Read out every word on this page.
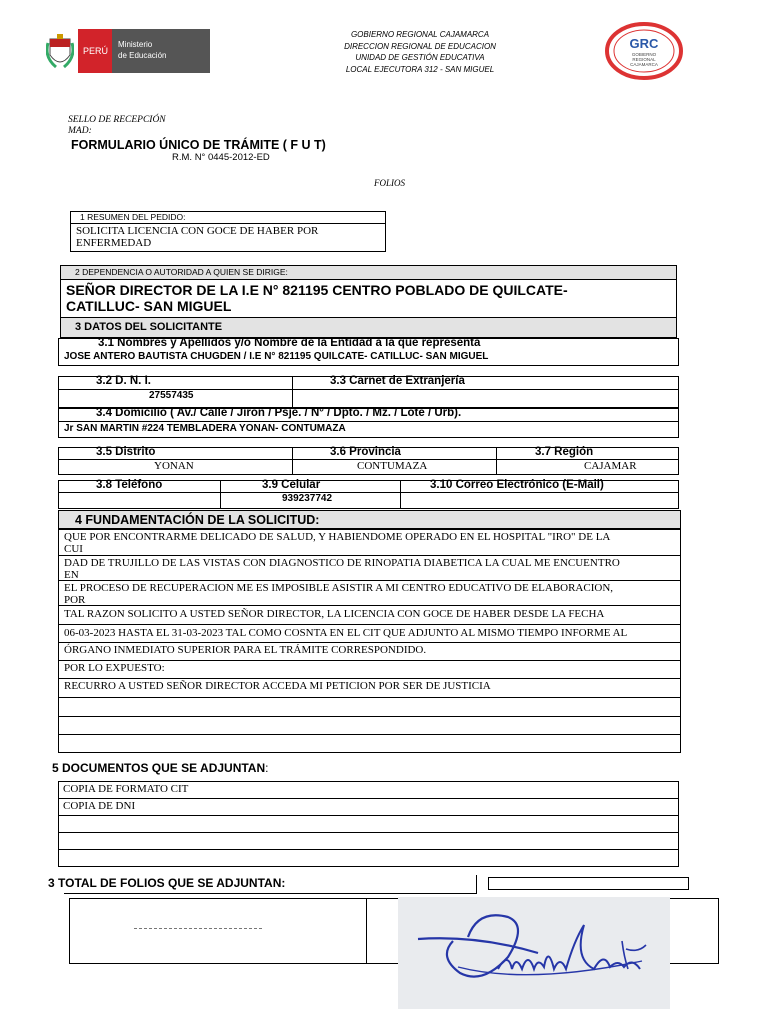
PERÚ
Ministerio
de Educación
GOBIERNO REGIONAL CAJAMARCA
DIRECCION REGIONAL DE EDUCACION
UNIDAD DE GESTIÓN EDUCATIVA
LOCAL EJECUTORA 312 - SAN MIGUEL
GRC
GOBIERNO REGIONAL CAJAMARCA
SELLO DE RECEPCIÓN
MAD:
FORMULARIO ÚNICO DE TRÁMITE ( F U T)
R.M. N° 0445-2012-ED
FOLIOS
1 RESUMEN DEL PEDIDO:
SOLICITA LICENCIA CON GOCE DE HABER POR
ENFERMEDAD
2 DEPENDENCIA O AUTORIDAD A QUIEN SE DIRIGE:
SEÑOR DIRECTOR DE LA I.E N° 821195 CENTRO POBLADO DE QUILCATE-
CATILLUC- SAN MIGUEL
3 DATOS DEL SOLICITANTE
3.1 Nombres y Apellidos y/o Nombre de la Entidad a la que representa
JOSE ANTERO BAUTISTA CHUGDEN / I.E N° 821195 QUILCATE- CATILLUC- SAN MIGUEL
3.2 D. N. I.
27557435
3.3 Carnet de Extranjería
3.4 Domicilio ( Av./ Calle / Jirón / Psje. / N° / Dpto. / Mz. / Lote / Urb).
Jr SAN MARTIN #224 TEMBLADERA YONAN- CONTUMAZA
3.5 Distrito
YONAN
3.6 Provincia
CONTUMAZA
3.7 Región
CAJAMAR
3.8 Teléfono	3.9 Celular
939237742
3.10 Correo Electrónico (E-Mail)
4 FUNDAMENTACIÓN DE LA SOLICITUD:
QUE POR ENCONTRARME DELICADO DE SALUD, Y HABIENDOME OPERADO EN EL HOSPITAL "IRO" DE LA
CUI
DAD DE TRUJILLO DE LAS VISTAS CON DIAGNOSTICO DE RINOPATIA DIABETICA LA CUAL ME ENCUENTRO
EN
EL PROCESO DE RECUPERACION ME ES IMPOSIBLE ASISTIR A MI CENTRO EDUCATIVO DE ELABORACION,
POR
TAL RAZON SOLICITO A USTED SEÑOR DIRECTOR, LA LICENCIA CON GOCE DE HABER DESDE LA FECHA
06-03-2023 HASTA EL 31-03-2023 TAL COMO COSNTA EN EL CIT QUE ADJUNTO AL MISMO TIEMPO INFORME AL
ÓRGANO INMEDIATO SUPERIOR PARA EL TRÁMITE CORRESPONDIDO.
POR LO EXPUESTO:
RECURRO A USTED SEÑOR DIRECTOR ACCEDA MI PETICION POR SER DE JUSTICIA
5 DOCUMENTOS QUE SE ADJUNTAN:
COPIA DE FORMATO CIT
COPIA DE DNI
3 TOTAL DE FOLIOS QUE SE ADJUNTAN:
